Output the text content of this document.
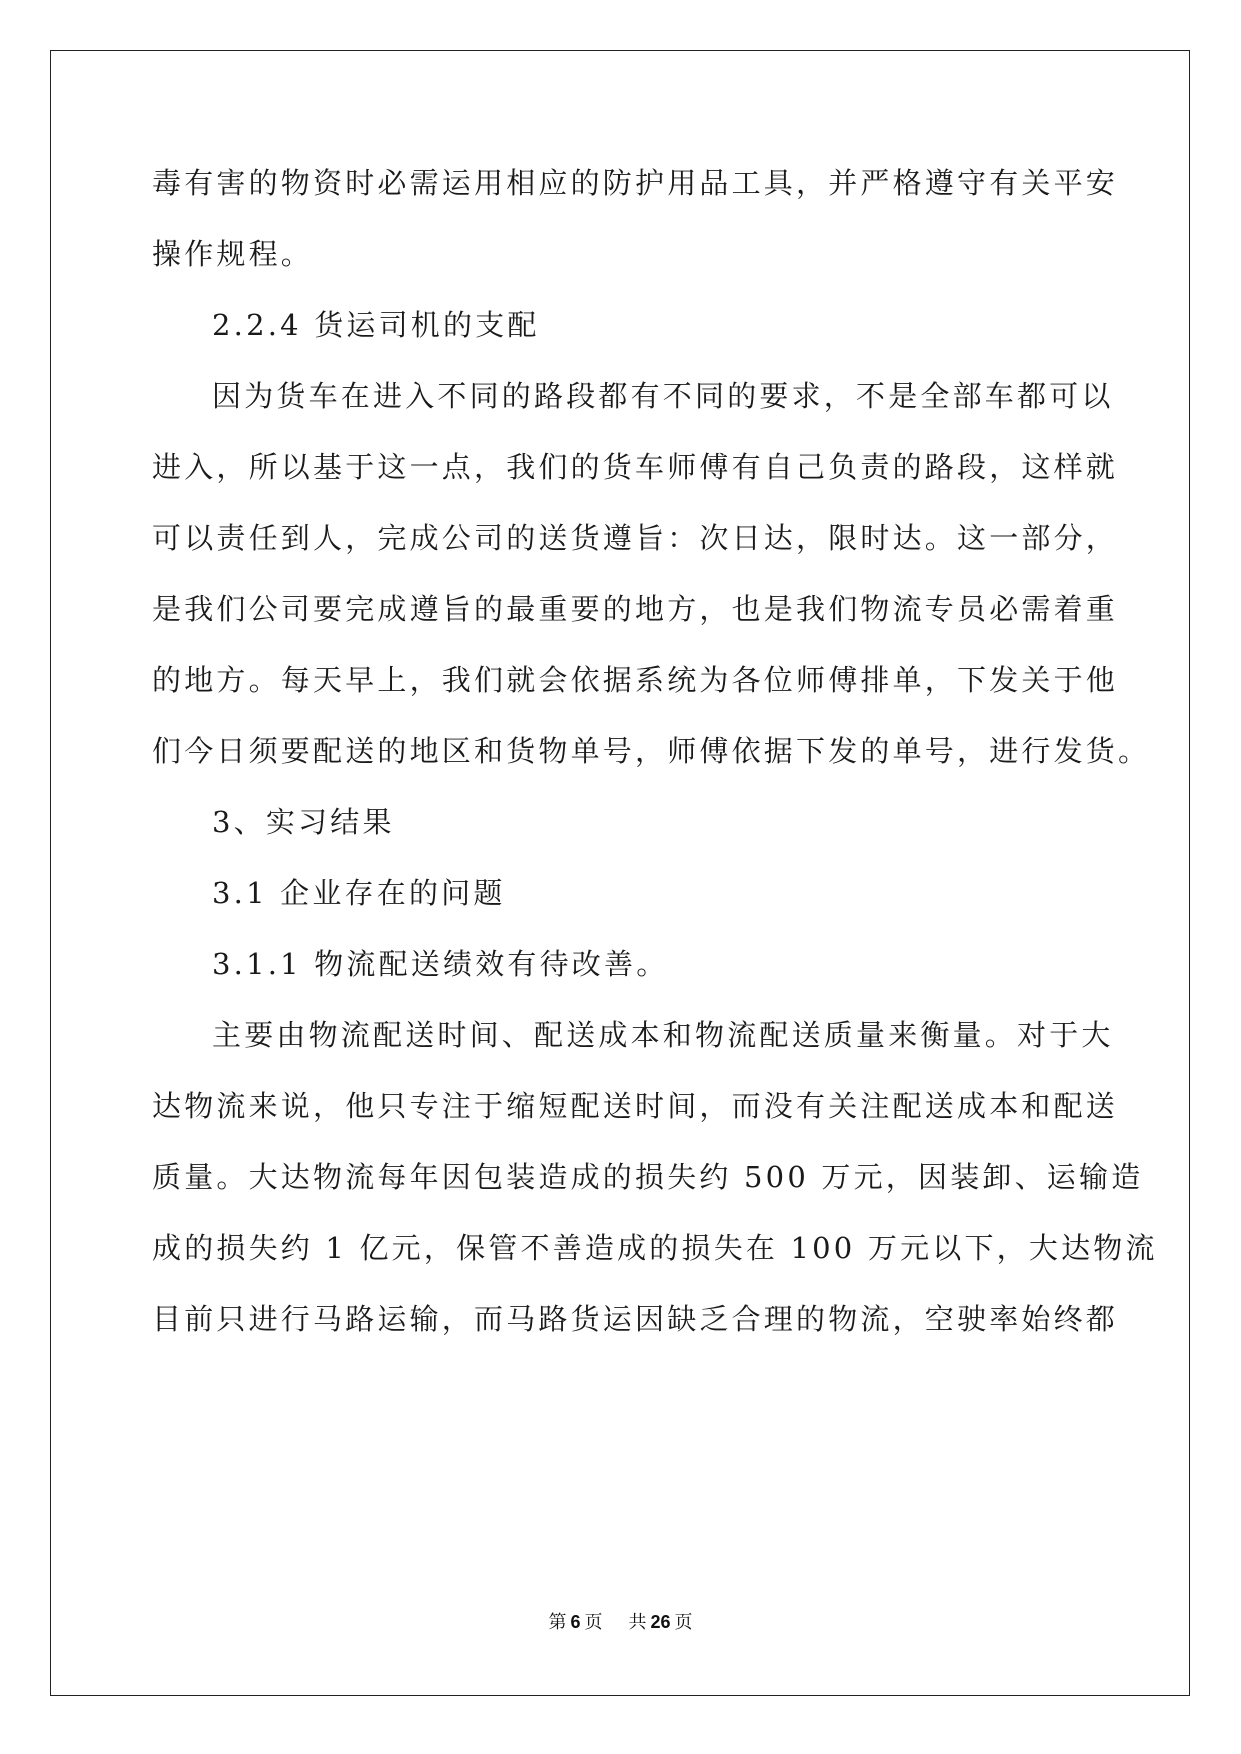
毒有害的物资时必需运用相应的防护用品工具，并严格遵守有关平安
操作规程。
2.2.4 货运司机的支配
因为货车在进入不同的路段都有不同的要求，不是全部车都可以
进入，所以基于这一点，我们的货车师傅有自己负责的路段，这样就
可以责任到人，完成公司的送货遵旨：次日达，限时达。这一部分，
是我们公司要完成遵旨的最重要的地方，也是我们物流专员必需着重
的地方。每天早上，我们就会依据系统为各位师傅排单，下发关于他
们今日须要配送的地区和货物单号，师傅依据下发的单号，进行发货。
3、实习结果
3.1 企业存在的问题
3.1.1 物流配送绩效有待改善。
主要由物流配送时间、配送成本和物流配送质量来衡量。对于大
达物流来说，他只专注于缩短配送时间，而没有关注配送成本和配送
质量。大达物流每年因包装造成的损失约 500 万元，因装卸、运输造
成的损失约 1 亿元，保管不善造成的损失在 100 万元以下，大达物流
目前只进行马路运输，而马路货运因缺乏合理的物流，空驶率始终都
第 6 页 共 26 页
